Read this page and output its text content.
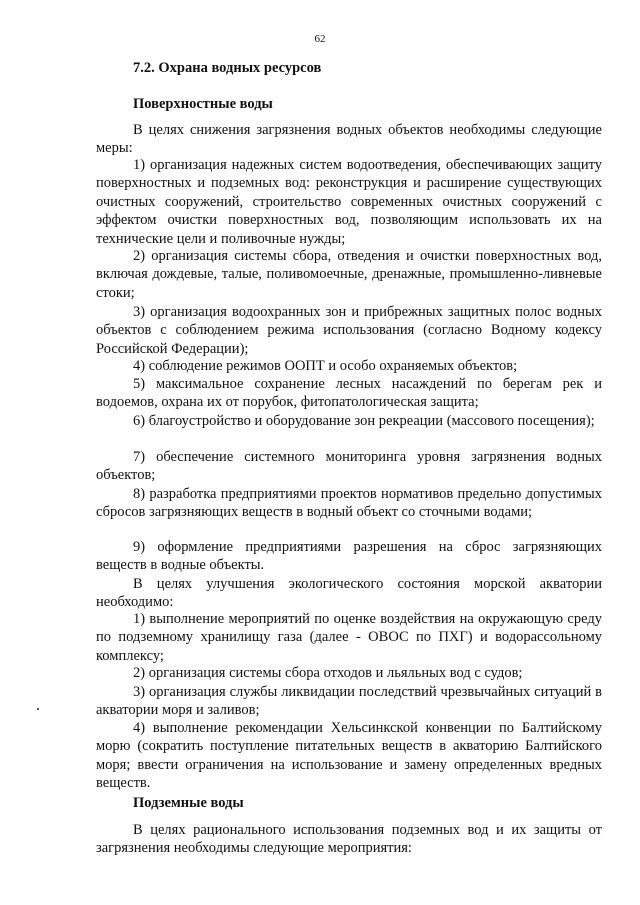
62
7.2. Охрана водных ресурсов
Поверхностные воды
В целях снижения загрязнения водных объектов необходимы следующие меры:
1) организация надежных систем водоотведения, обеспечивающих защиту поверхностных и подземных вод: реконструкция и расширение существующих очистных сооружений, строительство современных очистных сооружений с эффектом очистки поверхностных вод, позволяющим использовать их на технические цели и поливочные нужды;
2) организация системы сбора, отведения и очистки поверхностных вод, включая дождевые, талые, поливомоечные, дренажные, промышленно-ливневые стоки;
3) организация водоохранных зон и прибрежных защитных полос водных объектов с соблюдением режима использования (согласно Водному кодексу Российской Федерации);
4) соблюдение режимов ООПТ и особо охраняемых объектов;
5) максимальное сохранение лесных насаждений по берегам рек и водоемов, охрана их от порубок, фитопатологическая защита;
6) благоустройство и оборудование зон рекреации (массового посещения);
7) обеспечение системного мониторинга уровня загрязнения водных объектов;
8) разработка предприятиями проектов нормативов предельно допустимых сбросов загрязняющих веществ в водный объект со сточными водами;
9) оформление предприятиями разрешения на сброс загрязняющих веществ в водные объекты.
В целях улучшения экологического состояния морской акватории необходимо:
1) выполнение мероприятий по оценке воздействия на окружающую среду по подземному хранилищу газа (далее - ОВОС по ПХГ) и водорассольному комплексу;
2) организация системы сбора отходов и льяльных вод с судов;
3) организация службы ликвидации последствий чрезвычайных ситуаций в акватории моря и заливов;
4) выполнение рекомендации Хельсинкской конвенции по Балтийскому морю (сократить поступление питательных веществ в акваторию Балтийского моря; ввести ограничения на использование и замену определенных вредных веществ.
Подземные воды
В целях рационального использования подземных вод и их защиты от загрязнения необходимы следующие мероприятия:
